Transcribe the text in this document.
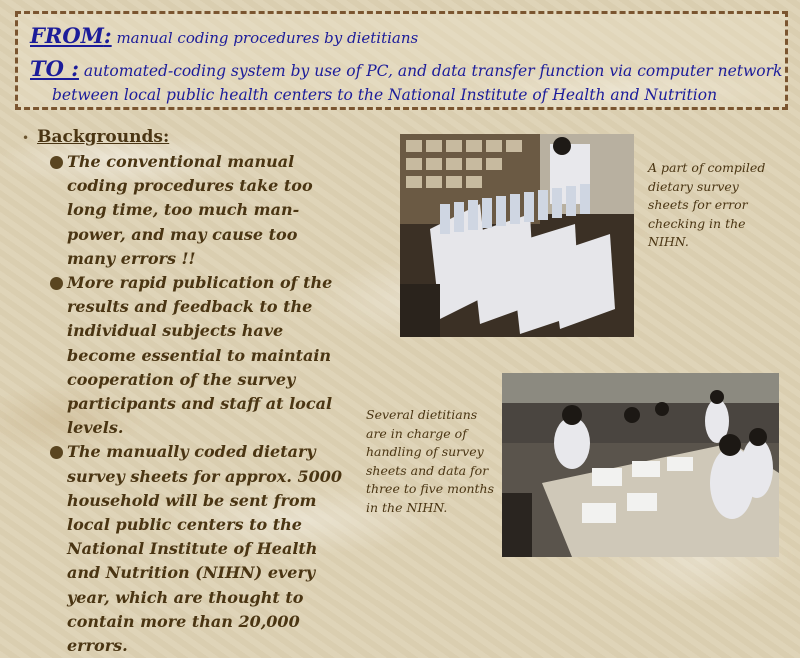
FROM: manual coding procedures by dietitians
TO : automated-coding system by use of PC, and data transfer function via computer network
between local public health centers to the National Institute of Health and Nutrition
• Backgrounds:
The conventional manual coding procedures take too long time, too much man-power, and may cause too many errors !!
More rapid publication of the results and feedback to the individual subjects have become essential to maintain cooperation of the survey participants and staff at local levels.
The manually coded dietary survey sheets for approx. 5000 household will be sent from local public centers to the National Institute of Health and Nutrition (NIHN) every year, which are thought to contain more than 20,000 errors.
A part of compiled dietary survey sheets for error checking in the NIHN.
Several dietitians are in charge of handling of survey sheets and data for three to five months in the NIHN.
